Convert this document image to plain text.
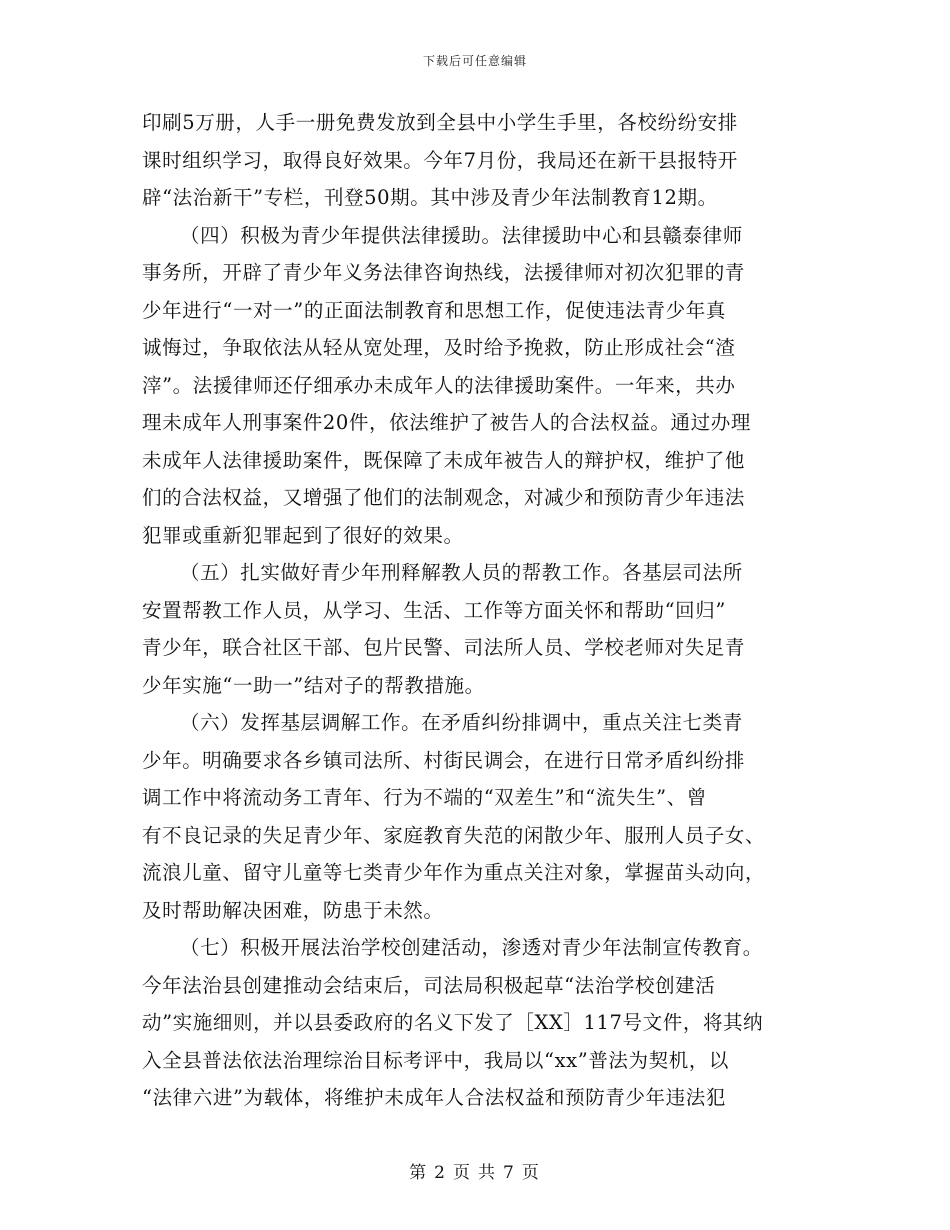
下载后可任意编辑
印刷5万册，人手一册免费发放到全县中小学生手里，各校纷纷安排
课时组织学习，取得良好效果。今年7月份，我局还在新干县报特开
辟“法治新干”专栏，刊登50期。其中涉及青少年法制教育12期。
（四）积极为青少年提供法律援助。法律援助中心和县赣泰律师
事务所，开辟了青少年义务法律咨询热线，法援律师对初次犯罪的青
少年进行“一对一”的正面法制教育和思想工作，促使违法青少年真
诚悔过，争取依法从轻从宽处理，及时给予挽救，防止形成社会“渣
滓”。法援律师还仔细承办未成年人的法律援助案件。一年来，共办
理未成年人刑事案件20件，依法维护了被告人的合法权益。通过办理
未成年人法律援助案件，既保障了未成年被告人的辩护权，维护了他
们的合法权益，又增强了他们的法制观念，对减少和预防青少年违法
犯罪或重新犯罪起到了很好的效果。
（五）扎实做好青少年刑释解教人员的帮教工作。各基层司法所
安置帮教工作人员，从学习、生活、工作等方面关怀和帮助“回归”
青少年，联合社区干部、包片民警、司法所人员、学校老师对失足青
少年实施“一助一”结对子的帮教措施。
（六）发挥基层调解工作。在矛盾纠纷排调中，重点关注七类青
少年。明确要求各乡镇司法所、村街民调会，在进行日常矛盾纠纷排
调工作中将流动务工青年、行为不端的“双差生”和“流失生”、曾
有不良记录的失足青少年、家庭教育失范的闲散少年、服刑人员子女、
流浪儿童、留守儿童等七类青少年作为重点关注对象，掌握苗头动向，
及时帮助解决困难，防患于未然。
（七）积极开展法治学校创建活动，渗透对青少年法制宣传教育。
今年法治县创建推动会结束后，司法局积极起草“法治学校创建活
动”实施细则，并以县委政府的名义下发了［XX］117号文件，将其纳
入全县普法依法治理综治目标考评中，我局以“xx”普法为契机，以
“法律六进”为载体，将维护未成年人合法权益和预防青少年违法犯
第 2 页 共 7 页
